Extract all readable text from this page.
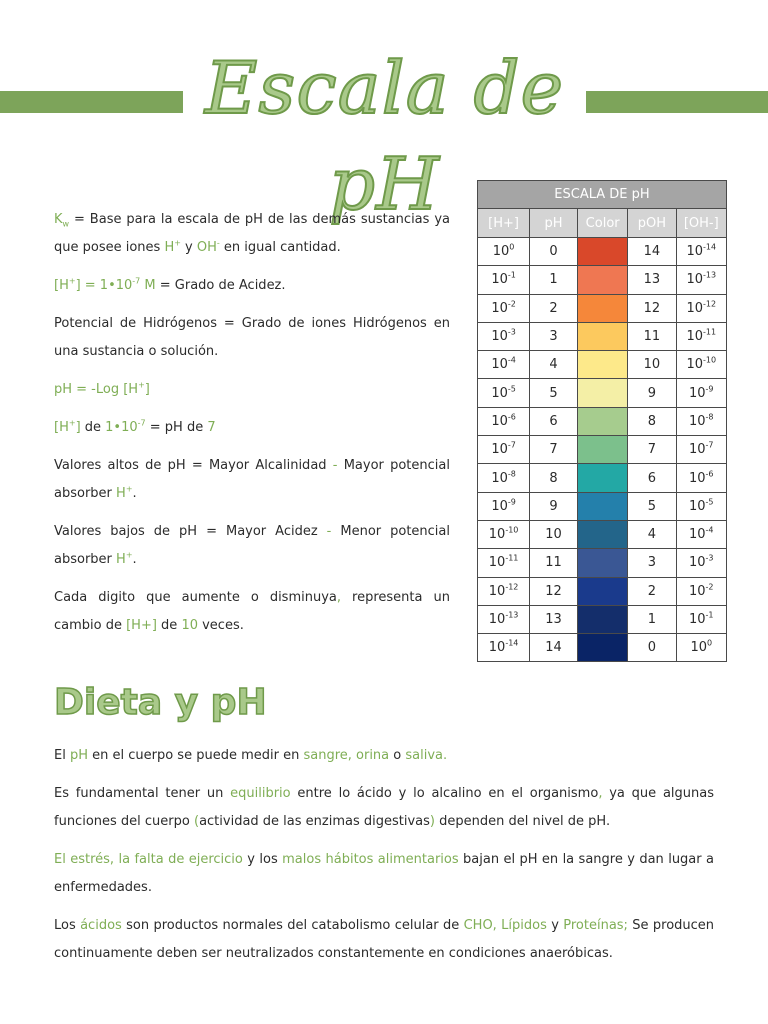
Escala de pH

$K_w$ = Base para la escala de pH de las demás sustancias ya que posee iones H+ y OH- en igual cantidad.

$[H^+] = 1•10^{-7}$ M = Grado de Acidez.

Potencial de Hidrógenos = Grado de iones Hidrógenos en una sustancia o solución.

pH = -Log [H+]

[H+] de $1•10^{-7}$ = pH de 7

Valores altos de pH = Mayor Alcalinidad - Mayor potencial absorber H+.

Valores bajos de pH = Mayor Acidez - Menor potencial absorber H+.

Cada digito que aumente o disminuya, representa un cambio de [H+] de 10 veces.

ESCALA DE pH				
[H+]	pH	Color	pOH	[OH-]
$10^0$	0		14	$10^{-14}$
$10^{-1}$	1		13	$10^{-13}$
$10^{-2}$	2		12	$10^{-12}$
$10^{-3}$	3		11	$10^{-11}$
$10^{-4}$	4		10	$10^{-10}$
$10^{-5}$	5		9	$10^{-9}$
$10^{-6}$	6		8	$10^{-8}$
$10^{-7}$	7		7	$10^{-7}$
$10^{-8}$	8		6	$10^{-6}$
$10^{-9}$	9		5	$10^{-5}$
$10^{-10}$	10		4	$10^{-4}$
$10^{-11}$	11		3	$10^{-3}$
$10^{-12}$	12		2	$10^{-2}$
$10^{-13}$	13		1	$10^{-1}$
$10^{-14}$	14		0	$10^0$
Dieta y pH

El pH en el cuerpo se puede medir en sangre, orina o saliva.

Es fundamental tener un equilibrio entre lo ácido y lo alcalino en el organismo, ya que algunas funciones del cuerpo (actividad de las enzimas digestivas) dependen del nivel de pH.

El estrés, la falta de ejercicio y los malos hábitos alimentarios bajan el pH en la sangre y dan lugar a enfermedades.

Los ácidos son productos normales del catabolismo celular de CHO, Lípidos y Proteínas; Se producen continuamente deben ser neutralizados constantemente en condiciones anaeróbicas.
